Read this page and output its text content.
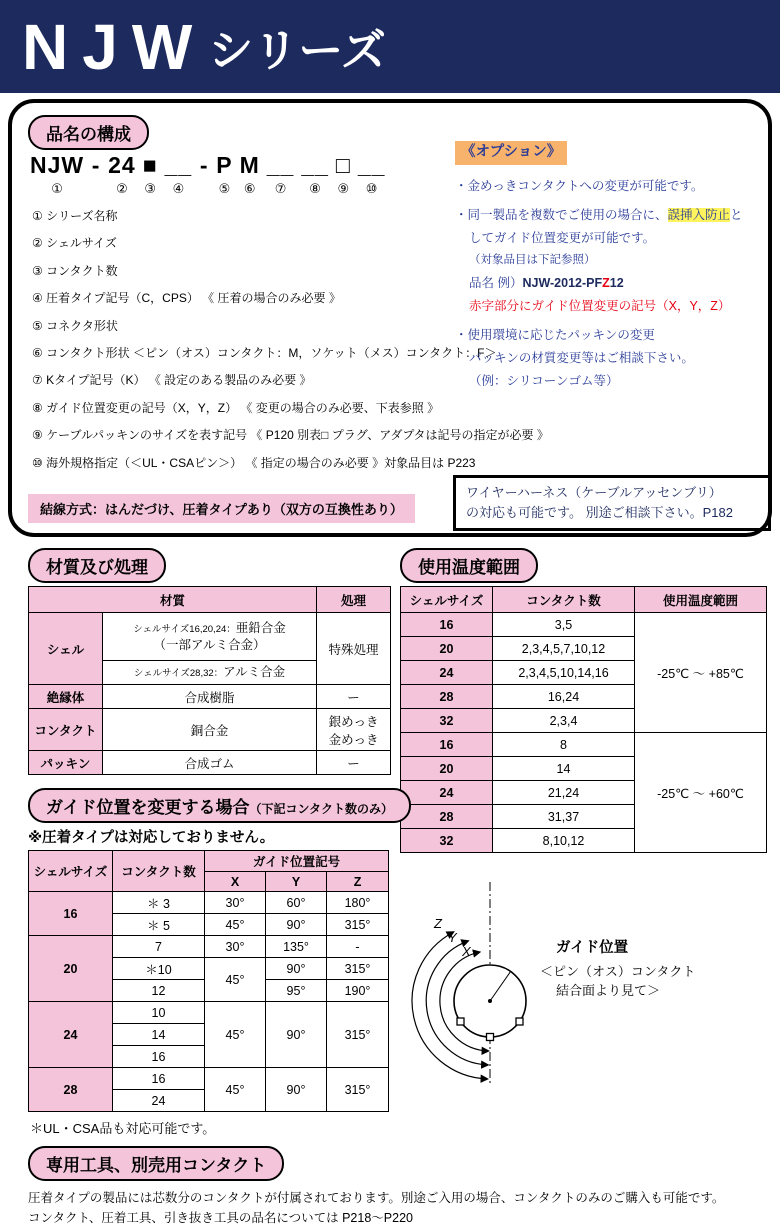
NJW シリーズ
品名の構成
NJW
①
- 24
②
■
③
__
④
- P
⑤
M
⑥
__
⑦
__
⑧
□
⑨
__
⑩
① シリーズ名称
② シェルサイズ
③ コンタクト数
④ 圧着タイプ記号（C，CPS） 《 圧着の場合のみ必要 》
⑤ コネクタ形状
⑥ コンタクト形状 ＜ピン（オス）コンタクト：M，ソケット（メス）コンタクト：F＞
⑦ Kタイプ記号（K） 《 設定のある製品のみ必要 》
⑧ ガイド位置変更の記号（X，Y，Z） 《 変更の場合のみ必要、下表参照 》
⑨ ケーブルパッキンのサイズを表す記号 《 P120 別表□ プラグ、アダプタは記号の指定が必要 》
⑩ 海外規格指定（＜UL・CSAピン＞） 《 指定の場合のみ必要 》対象品目は P223
《オプション》
・金めっきコンタクトへの変更が可能です。
・同一製品を複数でご使用の場合に、誤挿入防止と
してガイド位置変更が可能です。
（対象品目は下記参照）
品名 例）NJW-2012-PFZ12
赤字部分にガイド位置変更の記号（X，Y，Z）
・使用環境に応じたパッキンの変更
パッキンの材質変更等はご相談下さい。
（例：シリコーンゴム等）
結線方式：はんだづけ、圧着タイプあり（双方の互換性あり）
ワイヤーハーネス（ケーブルアッセンブリ）
の対応も可能です。 別途ご相談下さい。P182
材質及び処理
材質		処理
シェル	シェルサイズ16,20,24：亜鉛合金
（一部アルミ合金）	特殊処理
	シェルサイズ28,32：アルミ合金	
絶縁体	合成樹脂	ー
コンタクト	銅合金	銀めっき
金めっき

パッキン	合成ゴム	ー
使用温度範囲
シェルサイズ	コンタクト数	使用温度範囲
16	3,5	-25℃ ～ +85℃
20	2,3,4,5,7,10,12	
24	2,3,4,5,10,14,16	
28	16,24	
32	2,3,4	
16	8	-25℃ ～ +60℃
20	14	
24	21,24	
28	31,37	
32	8,10,12	
ガイド位置を変更する場合（下記コンタクト数のみ）
※圧着タイプは対応しておりません。
シェルサイズ	コンタクト数	ガイド位置記号		
		X	Y	Z
16	＊ 3	30°	60°	180°
	＊ 5	45°	90°	315°
20	7	30°	135°	-
	＊10	45°	90°	315°
	12		95°	190°
24	10	45°	90°	315°
	14			
	16			
28	16	45°	90°	315°
	24			
＊UL・CSA品も対応可能です。
Z
Y
X	ガイド位置
＜ピン（オス）コンタクト
結合面より見て＞
専用工具、別売用コンタクト
圧着タイプの製品には芯数分のコンタクトが付属されております。別途ご入用の場合、コンタクトのみのご購入も可能です。
コンタクト、圧着工具、引き抜き工具の品名については P218～P220
